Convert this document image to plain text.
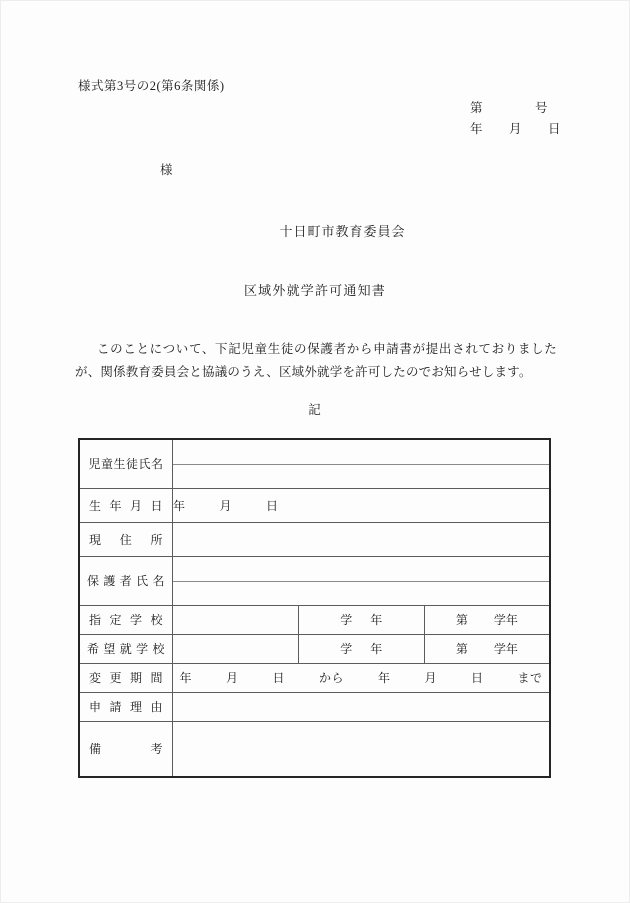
様式第3号の2(第6条関係)
第　　　　号
年　　月　　日
様
十日町市教育委員会
区域外就学許可通知書
このことについて、下記児童生徒の保護者から申請書が提出されておりましたが、関係教育委員会と協議のうえ、区域外就学を許可したのでお知らせします。
記
児童生徒氏名			

生 年 月 日	年 月 日		

現 住 所			

保 護 者 氏 名			

指 定 学 校		学 年	第 学年

希 望 就 学 校		学 年	第 学年

変 更 期 間	年 月 日 から 年 月 日 まで		

申 請 理 由			

備 考			
